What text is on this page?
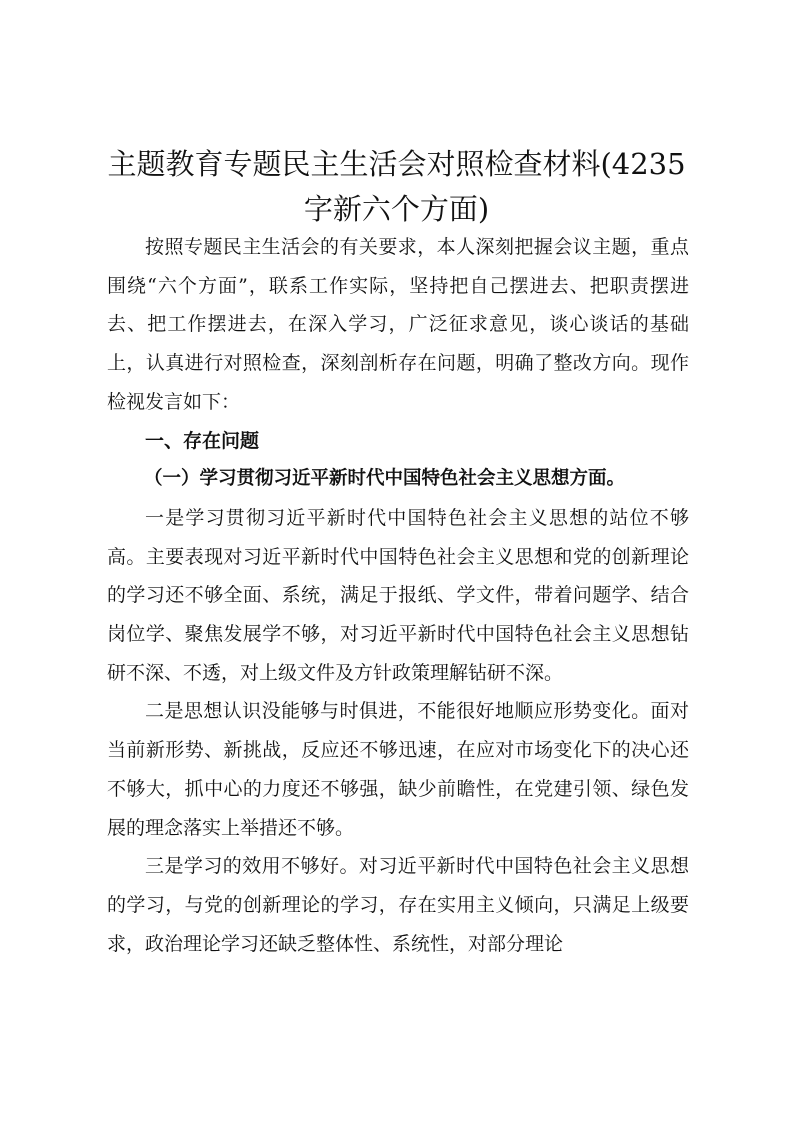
主题教育专题民主生活会对照检查材料(4235字新六个方面)

按照专题民主生活会的有关要求，本人深刻把握会议主题，重点围绕“六个方面”，联系工作实际，坚持把自己摆进去、把职责摆进去、把工作摆进去，在深入学习，广泛征求意见，谈心谈话的基础上，认真进行对照检查，深刻剖析存在问题，明确了整改方向。现作检视发言如下：

一、存在问题

（一）学习贯彻习近平新时代中国特色社会主义思想方面。

一是学习贯彻习近平新时代中国特色社会主义思想的站位不够高。主要表现对习近平新时代中国特色社会主义思想和党的创新理论的学习还不够全面、系统，满足于报纸、学文件，带着问题学、结合岗位学、聚焦发展学不够，对习近平新时代中国特色社会主义思想钻研不深、不透，对上级文件及方针政策理解钻研不深。

二是思想认识没能够与时俱进，不能很好地顺应形势变化。面对当前新形势、新挑战，反应还不够迅速，在应对市场变化下的决心还不够大，抓中心的力度还不够强，缺少前瞻性，在党建引领、绿色发展的理念落实上举措还不够。

三是学习的效用不够好。对习近平新时代中国特色社会主义思想的学习，与党的创新理论的学习，存在实用主义倾向，只满足上级要求，政治理论学习还缺乏整体性、系统性，对部分理论
